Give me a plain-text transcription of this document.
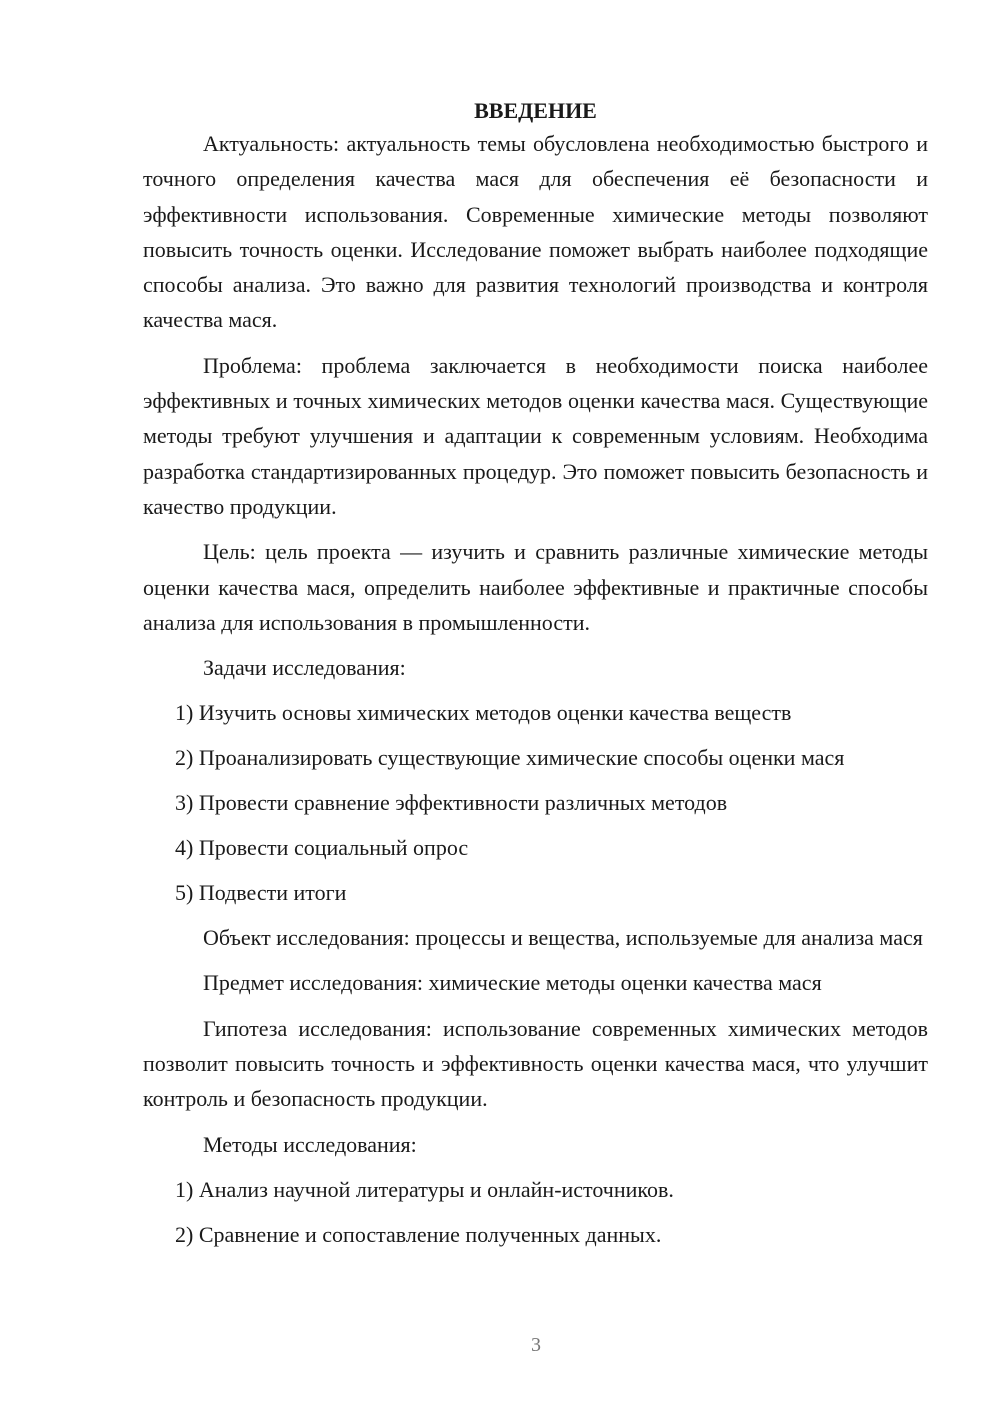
ВВЕДЕНИЕ

Актуальность: актуальность темы обусловлена необходимостью быстрого и точного определения качества мася для обеспечения её безопасности и эффективности использования. Современные химические методы позволяют повысить точность оценки. Исследование поможет выбрать наиболее подходящие способы анализа. Это важно для развития технологий производства и контроля качества мася.

Проблема: проблема заключается в необходимости поиска наиболее эффективных и точных химических методов оценки качества мася. Существующие методы требуют улучшения и адаптации к современным условиям. Необходима разработка стандартизированных процедур. Это поможет повысить безопасность и качество продукции.

Цель: цель проекта — изучить и сравнить различные химические методы оценки качества мася, определить наиболее эффективные и практичные способы анализа для использования в промышленности.

Задачи исследования:
1) Изучить основы химических методов оценки качества веществ
2) Проанализировать существующие химические способы оценки мася
3) Провести сравнение эффективности различных методов
4) Провести социальный опрос
5) Подвести итоги

Объект исследования: процессы и вещества, используемые для анализа мася

Предмет исследования: химические методы оценки качества мася

Гипотеза исследования: использование современных химических методов позволит повысить точность и эффективность оценки качества мася, что улучшит контроль и безопасность продукции.

Методы исследования:
1) Анализ научной литературы и онлайн-источников.
2) Сравнение и сопоставление полученных данных.
3
